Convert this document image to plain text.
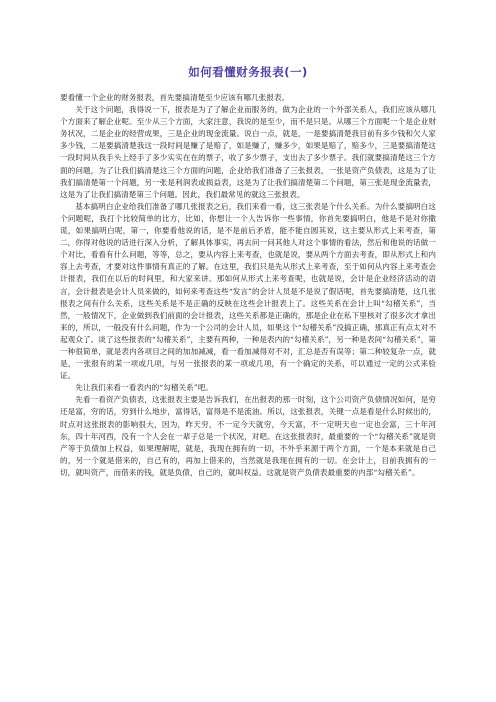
如何看懂财务报表(一)

要看懂一个企业的财务报表，首先要搞清楚至少应该有哪几张报表。

关于这个问题，我得说一下，报表是为了了解企业而服务的，做为企业的一个外部关系人，我们应该从哪几个方面来了解企业呢。至少从三个方面，大家注意，我说的是至少，而不是只是。从哪三个方面呢一个是企业财务状况，二是企业的经营成果，三是企业的现金流量。说白一点，就是，一是要搞清楚我目前有多少钱和欠人家多少钱，二是要搞清楚我这一段时间是赚了是赔了，如是赚了，赚多少，如果是赔了，赔多少，三是要搞清楚这一段时间从我手头上经手了多少实实在在的票子，收了多少票子，支出去了多少票子。我们就要搞清楚这三个方面的问题，为了让我们搞清楚这三个方面的问题，企业给我们准备了三张报表，一张是资产负债表，这是为了让我们搞清楚第一个问题，另一张是利润表或损益表，这是为了让我们搞清楚第二个问题，第三张是现金流量表，这是为了让我们搞清楚第三个问题。因此，我们最常见的就这三张报表。

基本搞明白企业给我们准备了哪几张报表之后，我们来看一看，这三张表是个什么关系。为什么要搞明白这个问题呢，我打个比较简单的比方，比如，你想让一个人告诉你一些事情，你首先要搞明白，他是不是对你撒谎，如果搞明白呢，第一，你要看他说的话，是不是前后矛盾，能不能自圆其说，这主要从形式上来考查，第二，你得对他说的话进行深入分析，了解具体事实，再去问一问其他人对这个事情的看法，然后和他说的话做一个对比，看看有什么问题，等等，总之，要从内容上来考查，也就是说，要从两个方面去考查，即从形式上和内容上去考查，才要对这件事情有真正的了解。在这里，我们只是先从形式上来考查，至于如何从内容上来考查会计报表，我们在以后的时间里，和大家来讲。那如何从形式上来考查呢，也就是说，会计是企业经济活动的语言，会计报表是会计人员来做的，如何来考查这些“发言”的会计人员是不是说了假话呢，首先要搞清楚，这几张报表之间有什么关系，这些关系是不是正确的反映在这些会计报表上了。这些关系在会计上叫“勾稽关系”，当然，一般情况下，企业做到我们前面的会计报表，这些关系都是正确的，那是企业在私下里核对了很多次才拿出来的，所以，一般没有什么问题，作为一个公司的会计人员，如果这个“勾稽关系”没搞正确，那真正有点太对不起观众了。谈了这些报表的“勾稽关系”，主要有两种，一种是表内的“勾稽关系”，另一种是表间“勾稽关系”，第一种很简单，就是表内各项目之间的加加减减，看一看加减得对不对，汇总是否有误等；第二种较复杂一点，就是，一张报有的某一项或几项，与另一张报表的某一项或几项，有一个确定的关系，可以通过一定的公式来验证。

先让我们来看一看表内的“勾稽关系”吧。

先看一看资产负债表，这张报表主要是告诉我们，在出报表的那一时刻，这个公司资产负债情况如何，是穷还是富，穷的话，穷到什么地步，富得话，富得是不是流油。所以，这张报表，关键一点是看是什么时候出的，时点对这张报表的影响很大，因为，昨天穷，不一定今天就穷，今天富，不一定明天也一定也会富，三十年河东，四十年河西，没有一个人会在一辈子总是一个状况，对吧。在这张报表时，最重要的一个“勾稽关系”就是资产等于负债加上权益，如果理解呢，就是，我现在拥有的一切，不外乎来源于两个方面，一个是本来就是自己的，另一个就是借来的，自己有的，再加上借来的，当然就是我现在拥有的一切。在会计上，目前我拥有的一切，就叫资产，而借来的钱，就是负债，自己的，就叫权益。这就是资产负债表最重要的内部“勾稽关系”。
